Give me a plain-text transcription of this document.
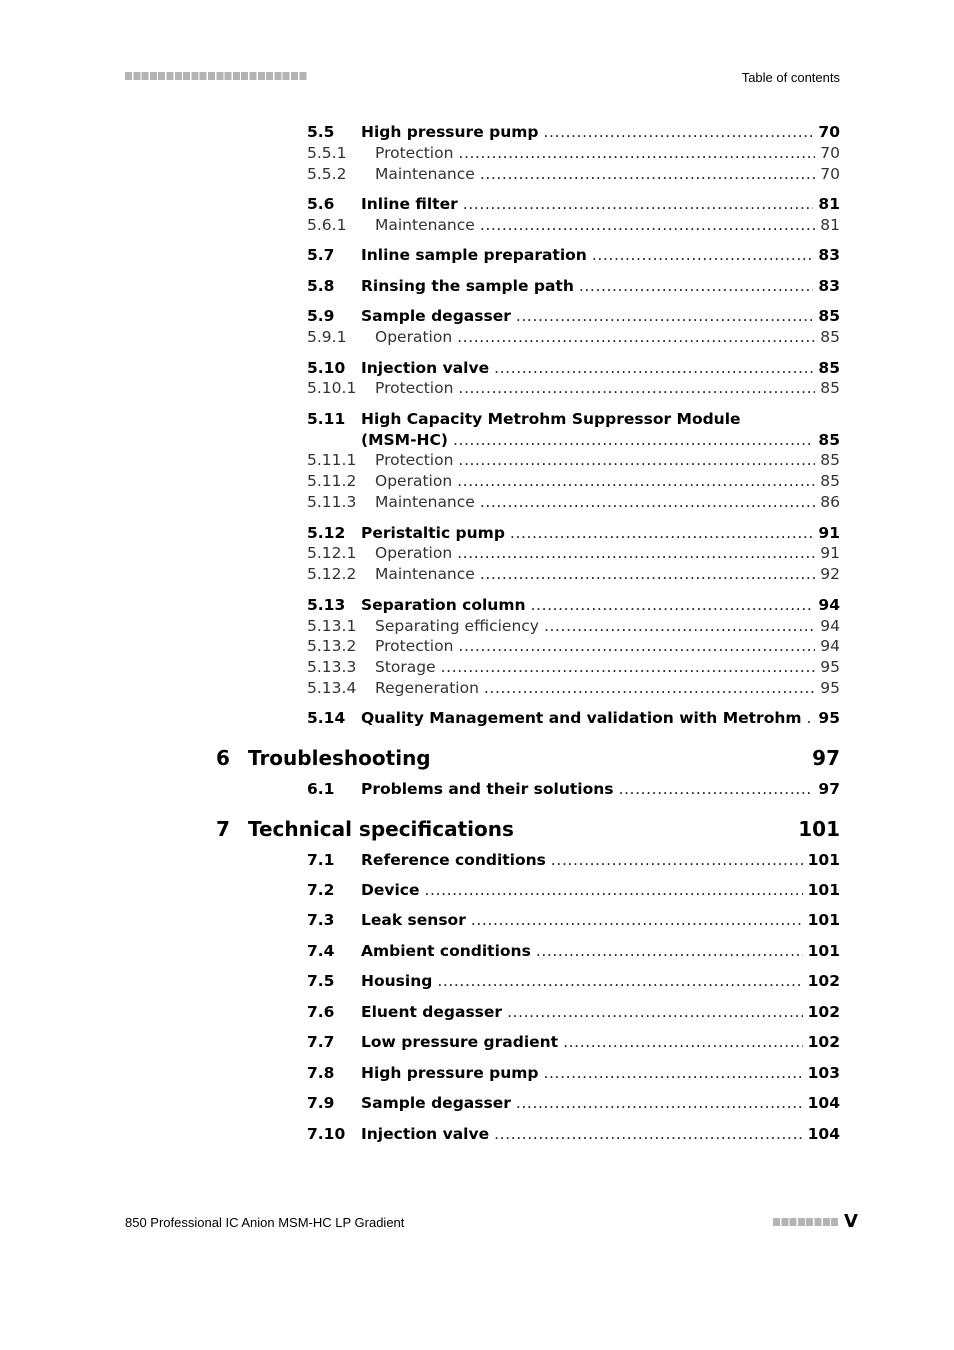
Table of contents
5.5 High pressure pump .....	70
5.5.1 Protection .....	70
5.5.2 Maintenance .....	70
5.6 Inline filter .....	81
5.6.1 Maintenance .....	81
5.7 Inline sample preparation .....	83
5.8 Rinsing the sample path .....	83
5.9 Sample degasser .....	85
5.9.1 Operation .....	85
5.10 Injection valve .....	85
5.10.1 Protection .....	85
5.11 High Capacity Metrohm Suppressor Module
(MSM-HC) .....	85
5.11.1 Protection .....	85
5.11.2 Operation .....	85
5.11.3 Maintenance .....	86
5.12 Peristaltic pump .....	91
5.12.1 Operation .....	91
5.12.2 Maintenance .....	92
5.13 Separation column .....	94
5.13.1 Separating efficiency .....	94
5.13.2 Protection .....	94
5.13.3 Storage .....	95
5.13.4 Regeneration .....	95
5.14 Quality Management and validation with Metrohm ..... 95
6 Troubleshooting	97
6.1 Problems and their solutions .....	97
7 Technical specifications	101
7.1 Reference conditions .....	101
7.2 Device .....	101
7.3 Leak sensor .....	101
7.4 Ambient conditions .....	101
7.5 Housing .....	102
7.6 Eluent degasser .....	102
7.7 Low pressure gradient .....	102
7.8 High pressure pump .....	103
7.9 Sample degasser .....	104
7.10 Injection valve .....	104
850 Professional IC Anion MSM-HC LP Gradient	V
